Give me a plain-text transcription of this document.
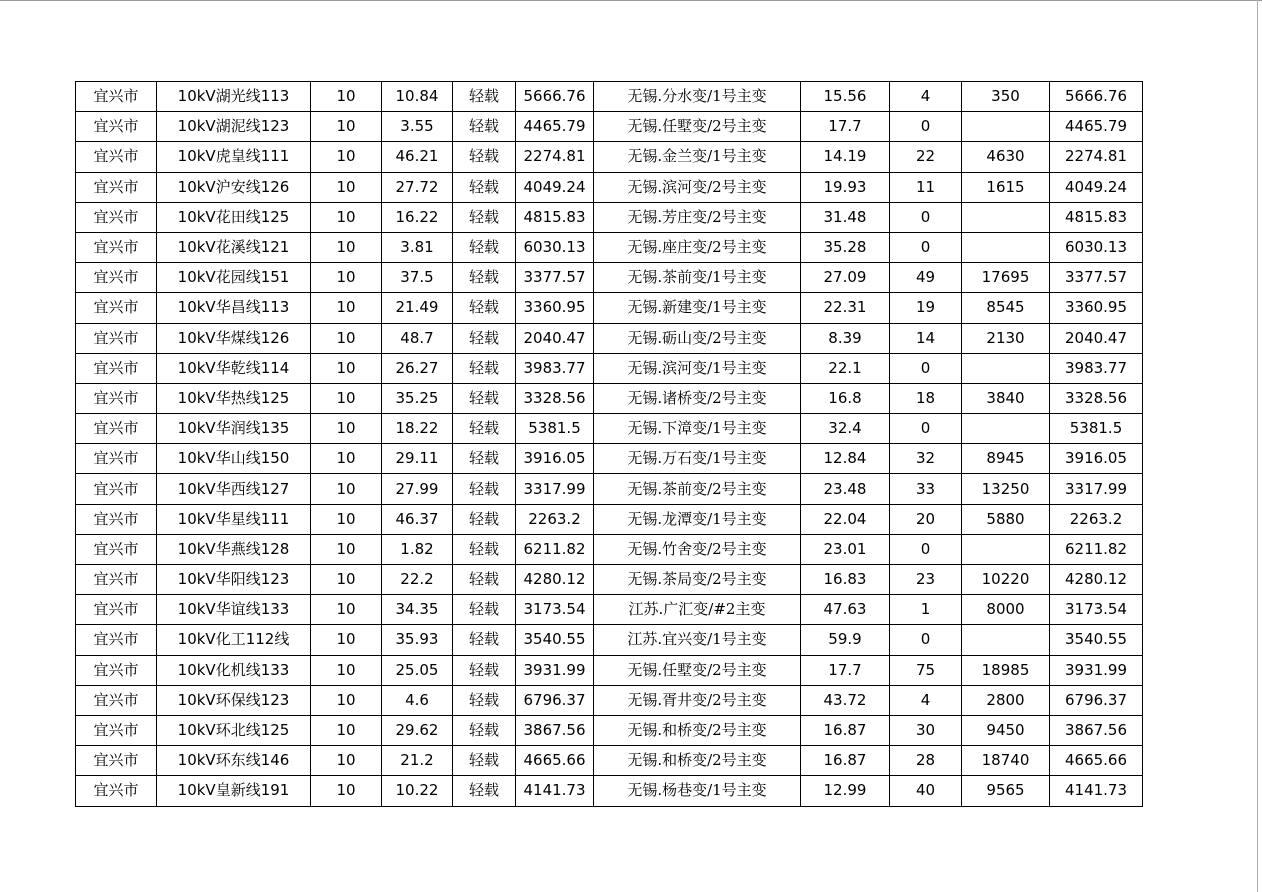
宜兴市	10kV湖光线113	10	10.84	轻载	5666.76	无锡.分水变/1号主变	15.56	4	350	5666.76
宜兴市	10kV湖泥线123	10	3.55	轻载	4465.79	无锡.任墅变/2号主变	17.7	0		4465.79
宜兴市	10kV虎皇线111	10	46.21	轻载	2274.81	无锡.金兰变/1号主变	14.19	22	4630	2274.81
宜兴市	10kV沪安线126	10	27.72	轻载	4049.24	无锡.滨河变/2号主变	19.93	11	1615	4049.24
宜兴市	10kV花田线125	10	16.22	轻载	4815.83	无锡.芳庄变/2号主变	31.48	0		4815.83
宜兴市	10kV花溪线121	10	3.81	轻载	6030.13	无锡.座庄变/2号主变	35.28	0		6030.13
宜兴市	10kV花园线151	10	37.5	轻载	3377.57	无锡.茶前变/1号主变	27.09	49	17695	3377.57
宜兴市	10kV华昌线113	10	21.49	轻载	3360.95	无锡.新建变/1号主变	22.31	19	8545	3360.95
宜兴市	10kV华煤线126	10	48.7	轻载	2040.47	无锡.砺山变/2号主变	8.39	14	2130	2040.47
宜兴市	10kV华乾线114	10	26.27	轻载	3983.77	无锡.滨河变/1号主变	22.1	0		3983.77
宜兴市	10kV华热线125	10	35.25	轻载	3328.56	无锡.诸桥变/2号主变	16.8	18	3840	3328.56
宜兴市	10kV华润线135	10	18.22	轻载	5381.5	无锡.下漳变/1号主变	32.4	0		5381.5
宜兴市	10kV华山线150	10	29.11	轻载	3916.05	无锡.万石变/1号主变	12.84	32	8945	3916.05
宜兴市	10kV华西线127	10	27.99	轻载	3317.99	无锡.茶前变/2号主变	23.48	33	13250	3317.99
宜兴市	10kV华星线111	10	46.37	轻载	2263.2	无锡.龙潭变/1号主变	22.04	20	5880	2263.2
宜兴市	10kV华燕线128	10	1.82	轻载	6211.82	无锡.竹舍变/2号主变	23.01	0		6211.82
宜兴市	10kV华阳线123	10	22.2	轻载	4280.12	无锡.茶局变/2号主变	16.83	23	10220	4280.12
宜兴市	10kV华谊线133	10	34.35	轻载	3173.54	江苏.广汇变/#2主变	47.63	1	8000	3173.54
宜兴市	10kV化工112线	10	35.93	轻载	3540.55	江苏.宜兴变/1号主变	59.9	0		3540.55
宜兴市	10kV化机线133	10	25.05	轻载	3931.99	无锡.任墅变/2号主变	17.7	75	18985	3931.99
宜兴市	10kV环保线123	10	4.6	轻载	6796.37	无锡.胥井变/2号主变	43.72	4	2800	6796.37
宜兴市	10kV环北线125	10	29.62	轻载	3867.56	无锡.和桥变/2号主变	16.87	30	9450	3867.56
宜兴市	10kV环东线146	10	21.2	轻载	4665.66	无锡.和桥变/2号主变	16.87	28	18740	4665.66
宜兴市	10kV皇新线191	10	10.22	轻载	4141.73	无锡.杨巷变/1号主变	12.99	40	9565	4141.73
